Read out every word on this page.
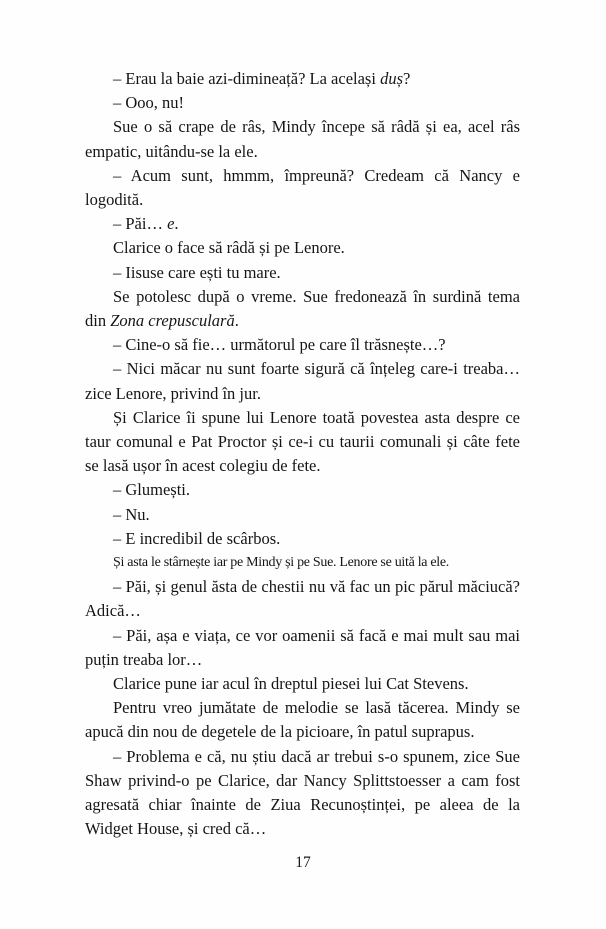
– Erau la baie azi-dimineață? La același duș?

– Ooo, nu!

Sue o să crape de râs, Mindy începe să râdă și ea, acel râs empatic, uitându-se la ele.

– Acum sunt, hmmm, împreună? Credeam că Nancy e logodită.

– Păi… e.

Clarice o face să râdă și pe Lenore.

– Iisuse care ești tu mare.

Se potolesc după o vreme. Sue fredonează în surdină tema din Zona crepusculară.

– Cine-o să fie… următorul pe care îl trăsnește…?

– Nici măcar nu sunt foarte sigură că înțeleg care-i treaba… zice Lenore, privind în jur.

Și Clarice îi spune lui Lenore toată povestea asta despre ce taur comunal e Pat Proctor și ce-i cu taurii comunali și câte fete se lasă ușor în acest colegiu de fete.

– Glumești.

– Nu.

– E incredibil de scârbos.

Și asta le stârnește iar pe Mindy și pe Sue. Lenore se uită la ele.

– Păi, și genul ăsta de chestii nu vă fac un pic părul măciucă? Adică…

– Păi, așa e viața, ce vor oamenii să facă e mai mult sau mai puțin treaba lor…

Clarice pune iar acul în dreptul piesei lui Cat Stevens.

Pentru vreo jumătate de melodie se lasă tăcerea. Mindy se apucă din nou de degetele de la picioare, în patul suprapus.

– Problema e că, nu știu dacă ar trebui s-o spunem, zice Sue Shaw privind-o pe Clarice, dar Nancy Splittstoesser a cam fost agresată chiar înainte de Ziua Recunoștinței, pe aleea de la Widget House, și cred că…

17
